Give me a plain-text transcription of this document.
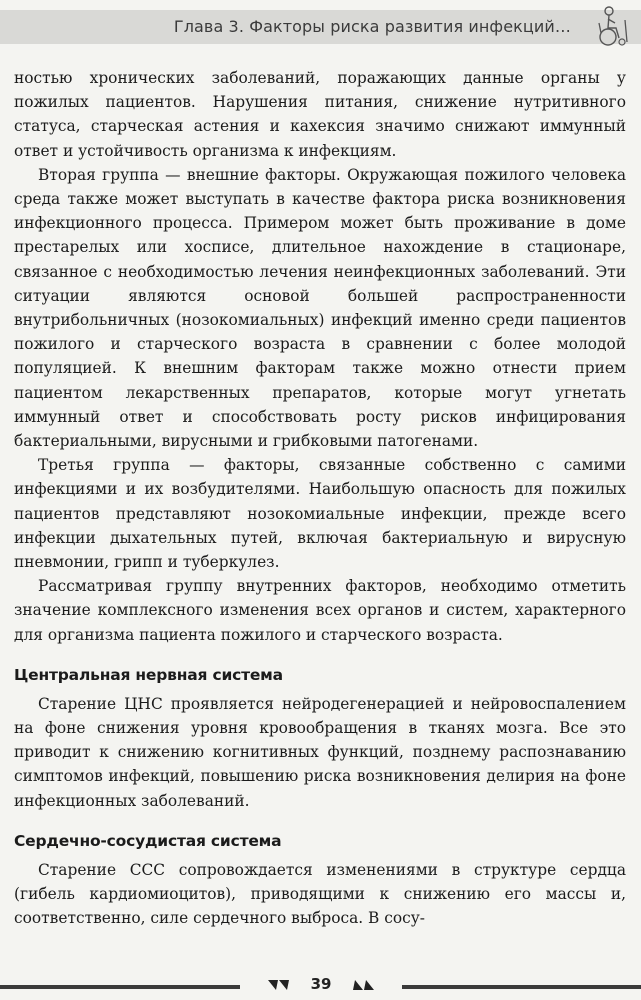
Глава 3. Факторы риска развития инфекций…

ностью хронических заболеваний, поражающих данные органы у пожилых пациентов. Нарушения питания, снижение нутритивного статуса, старческая астения и кахексия значимо снижают иммунный ответ и устойчивость организма к инфекциям.

Вторая группа — внешние факторы. Окружающая пожилого человека среда также может выступать в качестве фактора риска возникновения инфекционного процесса. Примером может быть проживание в доме престарелых или хосписе, длительное нахождение в стационаре, связанное с необходимостью лечения неинфекционных заболеваний. Эти ситуации являются основой большей распространенности внутрибольничных (нозокомиальных) инфекций именно среди пациентов пожилого и старческого возраста в сравнении с более молодой популяцией. К внешним факторам также можно отнести прием пациентом лекарственных препаратов, которые могут угнетать иммунный ответ и способствовать росту рисков инфицирования бактериальными, вирусными и грибковыми патогенами.

Третья группа — факторы, связанные собственно с самими инфекциями и их возбудителями. Наибольшую опасность для пожилых пациентов представляют нозокомиальные инфекции, прежде всего инфекции дыхательных путей, включая бактериальную и вирусную пневмонии, грипп и туберкулез.

Рассматривая группу внутренних факторов, необходимо отметить значение комплексного изменения всех органов и систем, характерного для организма пациента пожилого и старческого возраста.

Центральная нервная система

Старение ЦНС проявляется нейродегенерацией и нейровоспалением на фоне снижения уровня кровообращения в тканях мозга. Все это приводит к снижению когнитивных функций, позднему распознаванию симптомов инфекций, повышению риска возникновения делирия на фоне инфекционных заболеваний.

Сердечно-сосудистая система

Старение ССС сопровождается изменениями в структуре сердца (гибель кардиомиоцитов), приводящими к снижению его массы и, соответственно, силе сердечного выброса. В сосу-

39
